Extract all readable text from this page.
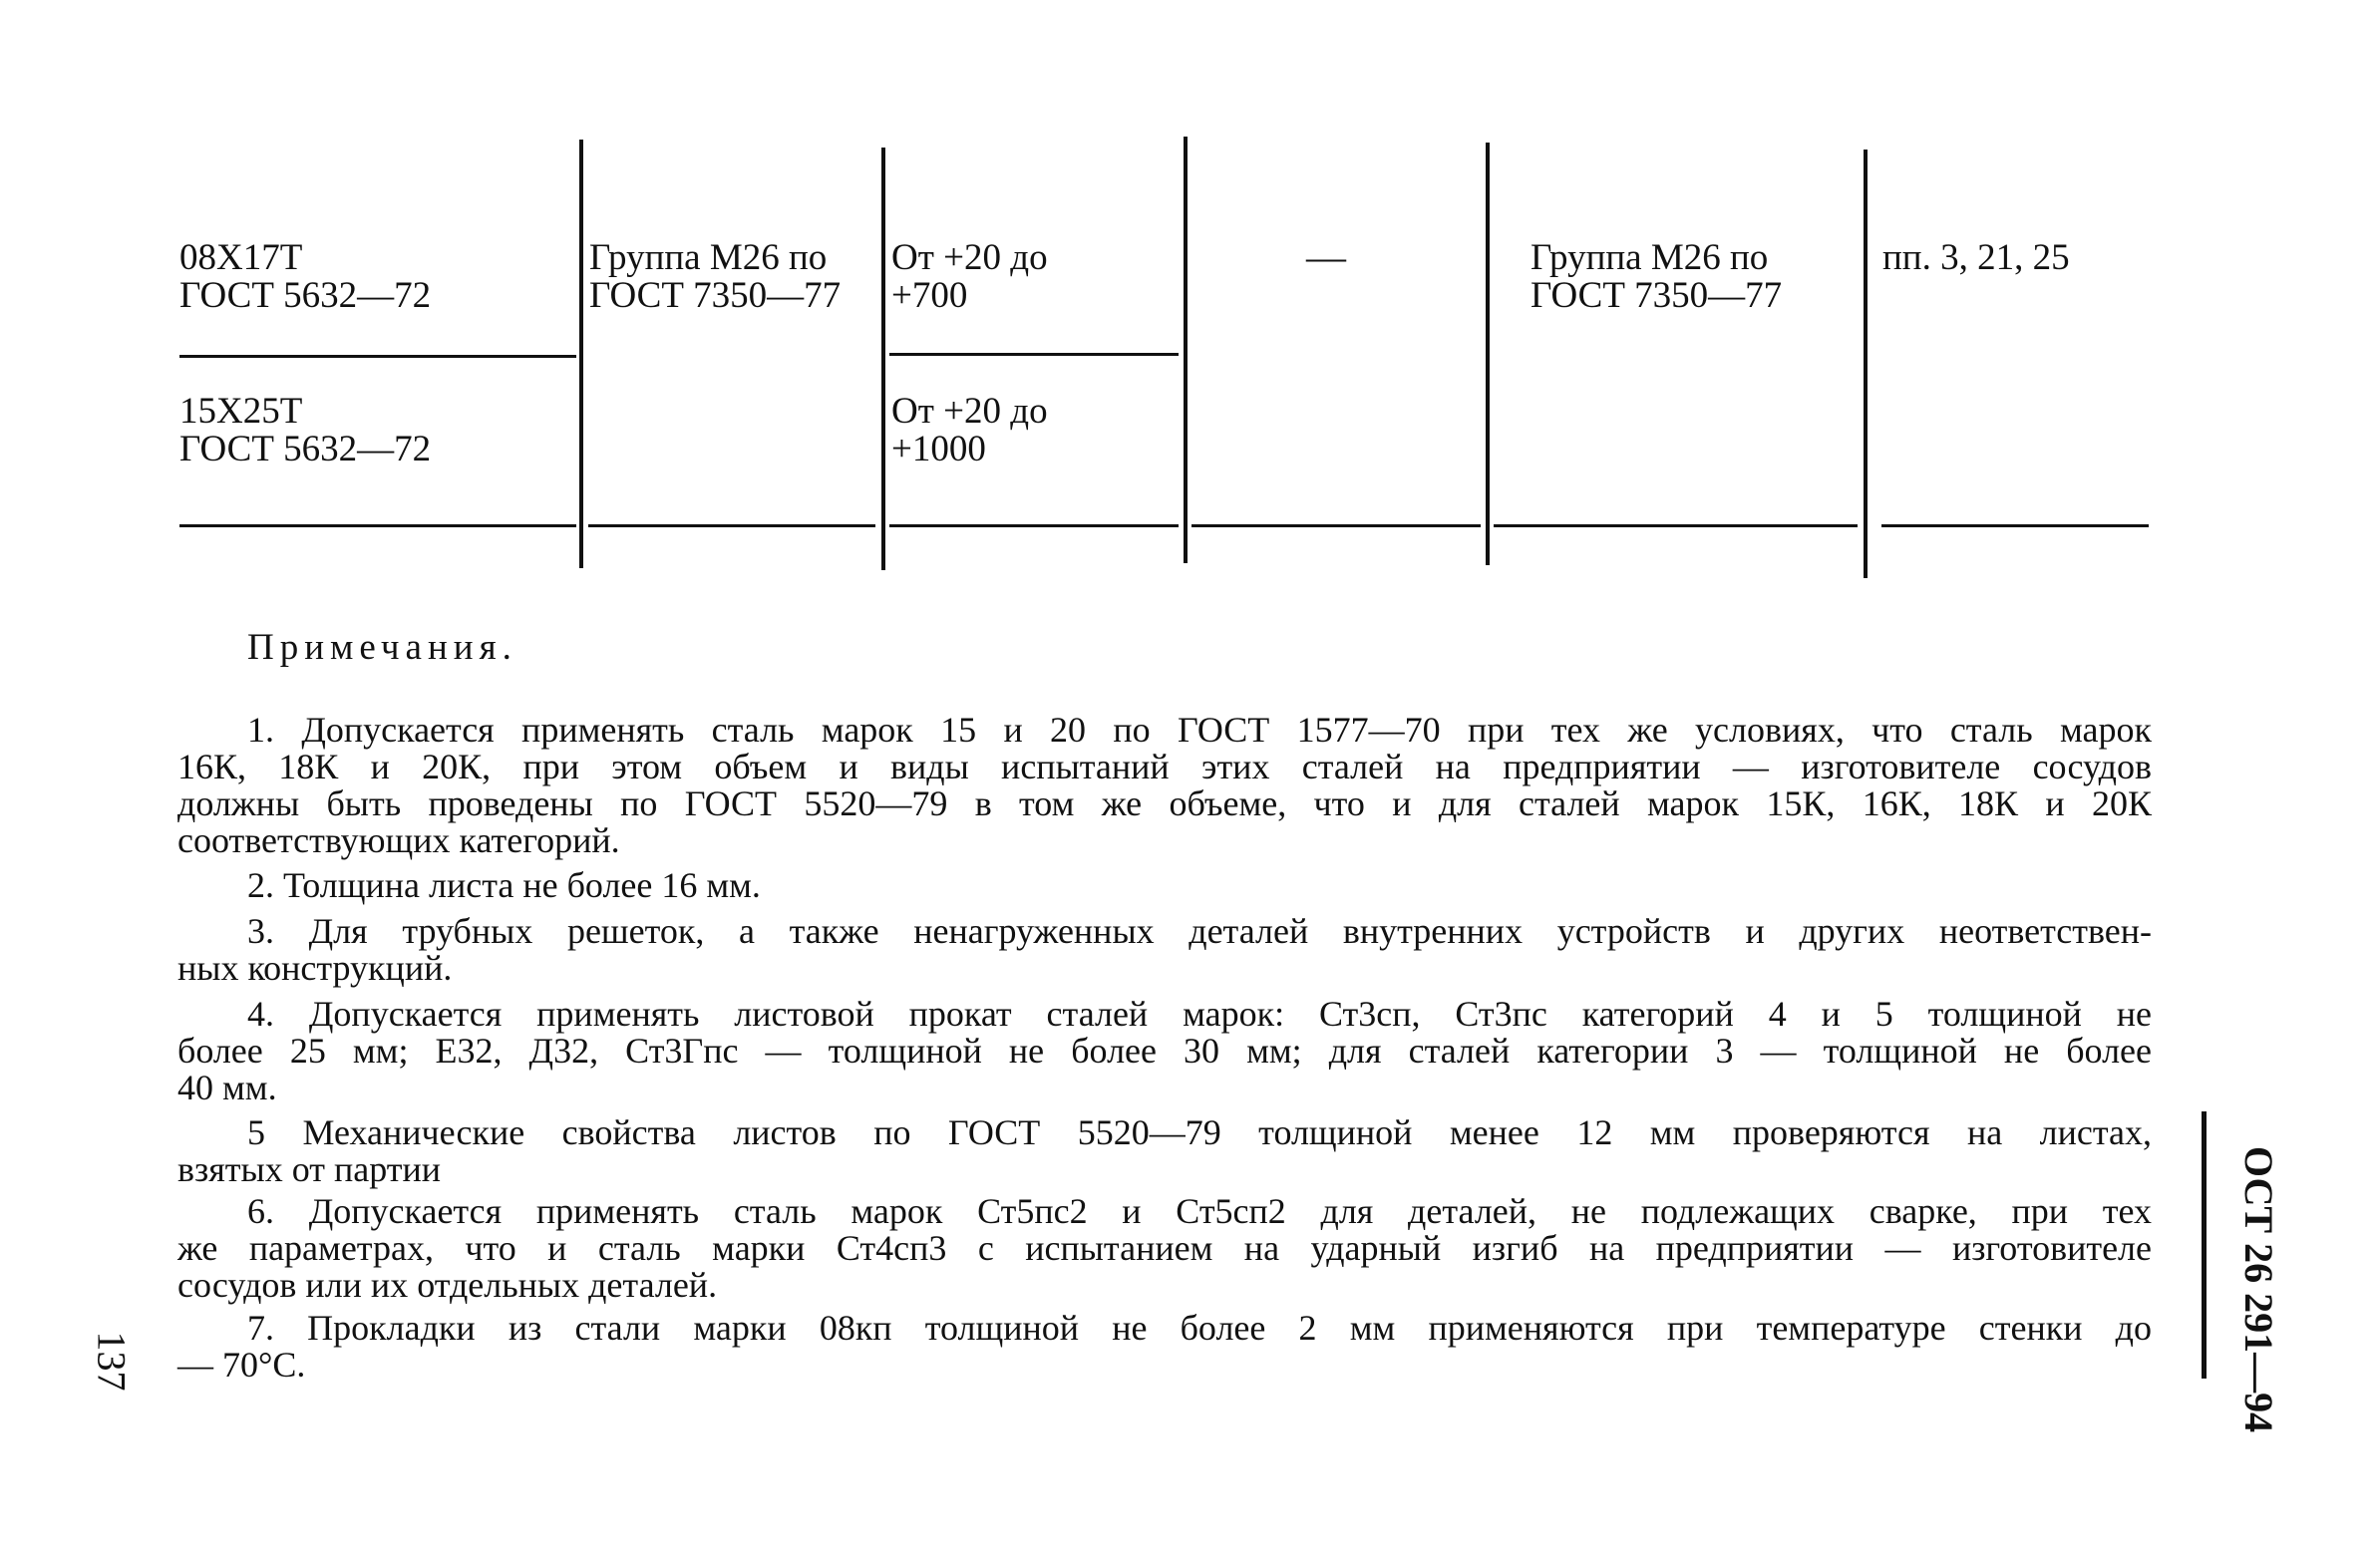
08Х17Т
ГОСТ 5632—72
Группа М26 по
ГОСТ 7350—77
От +20 до
+700
—	Группа М26 по
ГОСТ 7350—77
пп. 3, 21, 25
15Х25Т
ГОСТ 5632—72
От +20 до
+1000
Примечания.
1. Допускается применять сталь марок 15 и 20 по ГОСТ 1577—70 при тех же условиях, что сталь марок
16К, 18К и 20К, при этом объем и виды испытаний этих сталей на предприятии — изготовителе сосудов
должны быть проведены по ГОСТ 5520—79 в том же объеме, что и для сталей марок 15К, 16К, 18К и 20К
соответствующих категорий.
2. Толщина листа не более 16 мм.
3. Для трубных решеток, а также ненагруженных деталей внутренних устройств и других неответствен-
ных конструкций.
4. Допускается применять листовой прокат сталей марок: Ст3сп, Ст3пс категорий 4 и 5 толщиной не
более 25 мм; Е32, Д32, Ст3Гпс — толщиной не более 30 мм; для сталей категории 3 — толщиной не более
40 мм.
5 Механические свойства листов по ГОСТ 5520—79 толщиной менее 12 мм проверяются на листах,
взятых от партии
6. Допускается применять сталь марок Ст5пс2 и Ст5сп2 для деталей, не подлежащих сварке, при тех
же параметрах, что и сталь марки Ст4сп3 с испытанием на ударный изгиб на предприятии — изготовителе
сосудов или их отдельных деталей.
7. Прокладки из стали марки 08кп толщиной не более 2 мм применяются при температуре стенки до
— 70°С.
137	ОСТ 26 291—94
